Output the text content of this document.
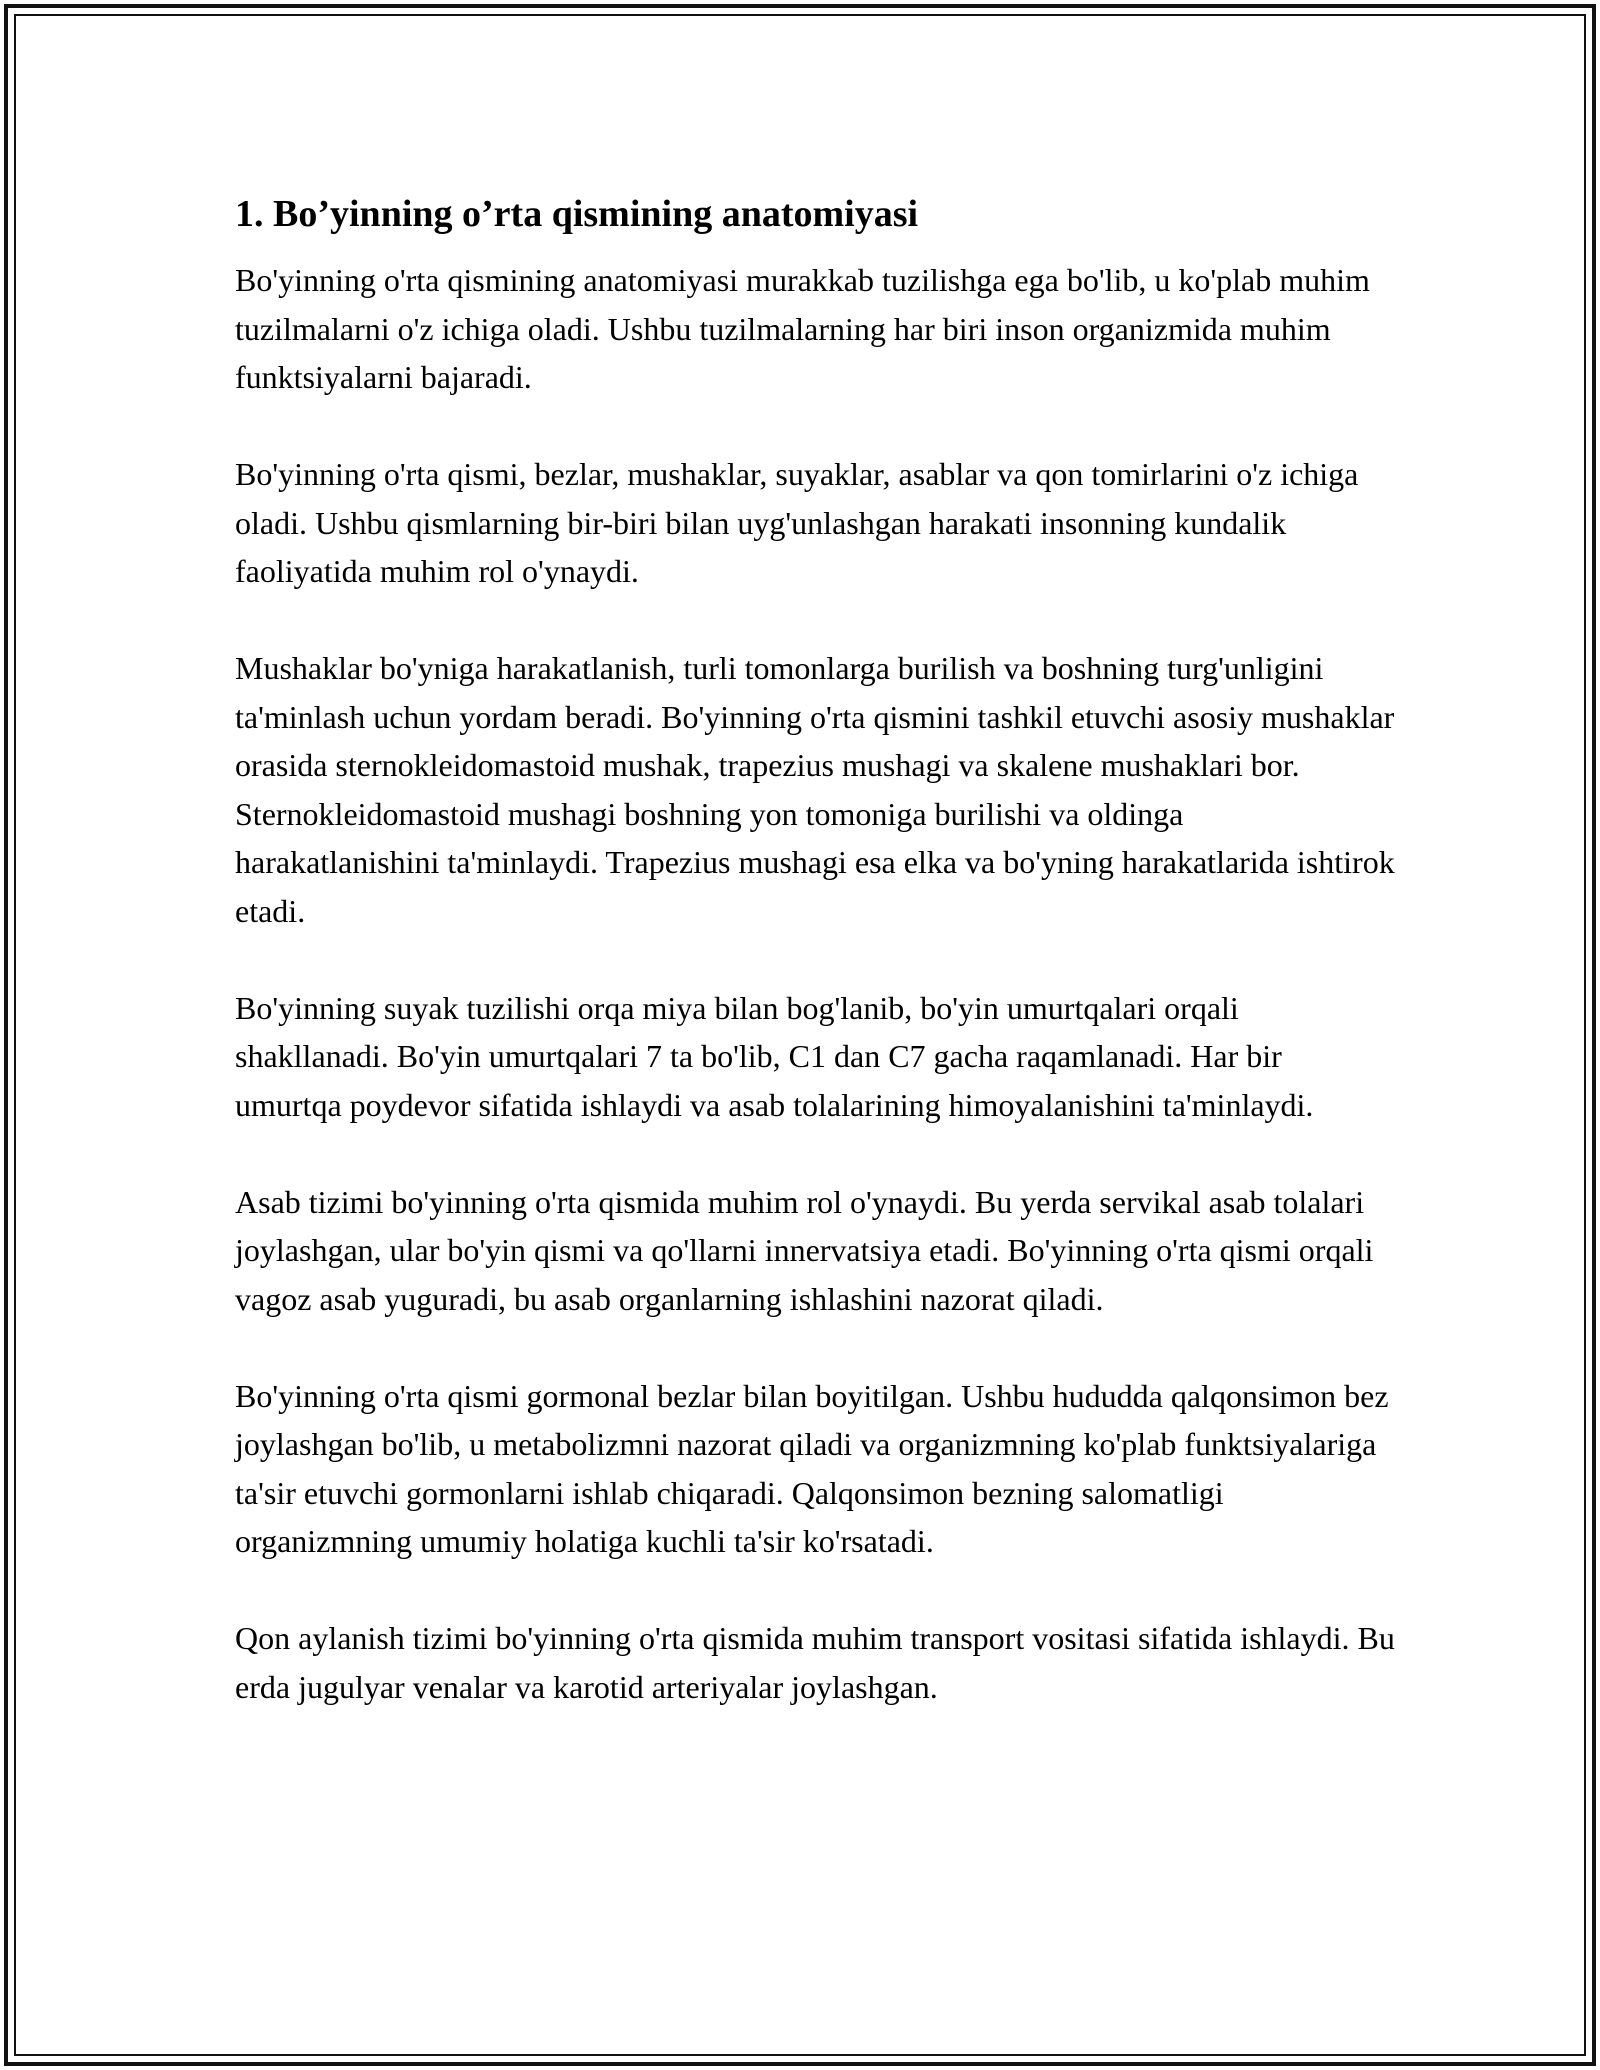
1. Bo’yinning o’rta qismining anatomiyasi

Bo'yinning o'rta qismining anatomiyasi murakkab tuzilishga ega bo'lib, u ko'plab muhim tuzilmalarni o'z ichiga oladi. Ushbu tuzilmalarning har biri inson organizmida muhim funktsiyalarni bajaradi.

Bo'yinning o'rta qismi, bezlar, mushaklar, suyaklar, asablar va qon tomirlarini o'z ichiga oladi. Ushbu qismlarning bir-biri bilan uyg'unlashgan harakati insonning kundalik faoliyatida muhim rol o'ynaydi.

Mushaklar bo'yniga harakatlanish, turli tomonlarga burilish va boshning turg'unligini ta'minlash uchun yordam beradi. Bo'yinning o'rta qismini tashkil etuvchi asosiy mushaklar orasida sternokleidomastoid mushak, trapezius mushagi va skalene mushaklari bor. Sternokleidomastoid mushagi boshning yon tomoniga burilishi va oldinga harakatlanishini ta'minlaydi. Trapezius mushagi esa elka va bo'yning harakatlarida ishtirok etadi.

Bo'yinning suyak tuzilishi orqa miya bilan bog'lanib, bo'yin umurtqalari orqali shakllanadi. Bo'yin umurtqalari 7 ta bo'lib, C1 dan C7 gacha raqamlanadi. Har bir umurtqa poydevor sifatida ishlaydi va asab tolalarining himoyalanishini ta'minlaydi.

Asab tizimi bo'yinning o'rta qismida muhim rol o'ynaydi. Bu yerda servikal asab tolalari joylashgan, ular bo'yin qismi va qo'llarni innervatsiya etadi. Bo'yinning o'rta qismi orqali vagoz asab yuguradi, bu asab organlarning ishlashini nazorat qiladi.

Bo'yinning o'rta qismi gormonal bezlar bilan boyitilgan. Ushbu hududda qalqonsimon bez joylashgan bo'lib, u metabolizmni nazorat qiladi va organizmning ko'plab funktsiyalariga ta'sir etuvchi gormonlarni ishlab chiqaradi. Qalqonsimon bezning salomatligi organizmning umumiy holatiga kuchli ta'sir ko'rsatadi.

Qon aylanish tizimi bo'yinning o'rta qismida muhim transport vositasi sifatida ishlaydi. Bu erda jugulyar venalar va karotid arteriyalar joylashgan.
